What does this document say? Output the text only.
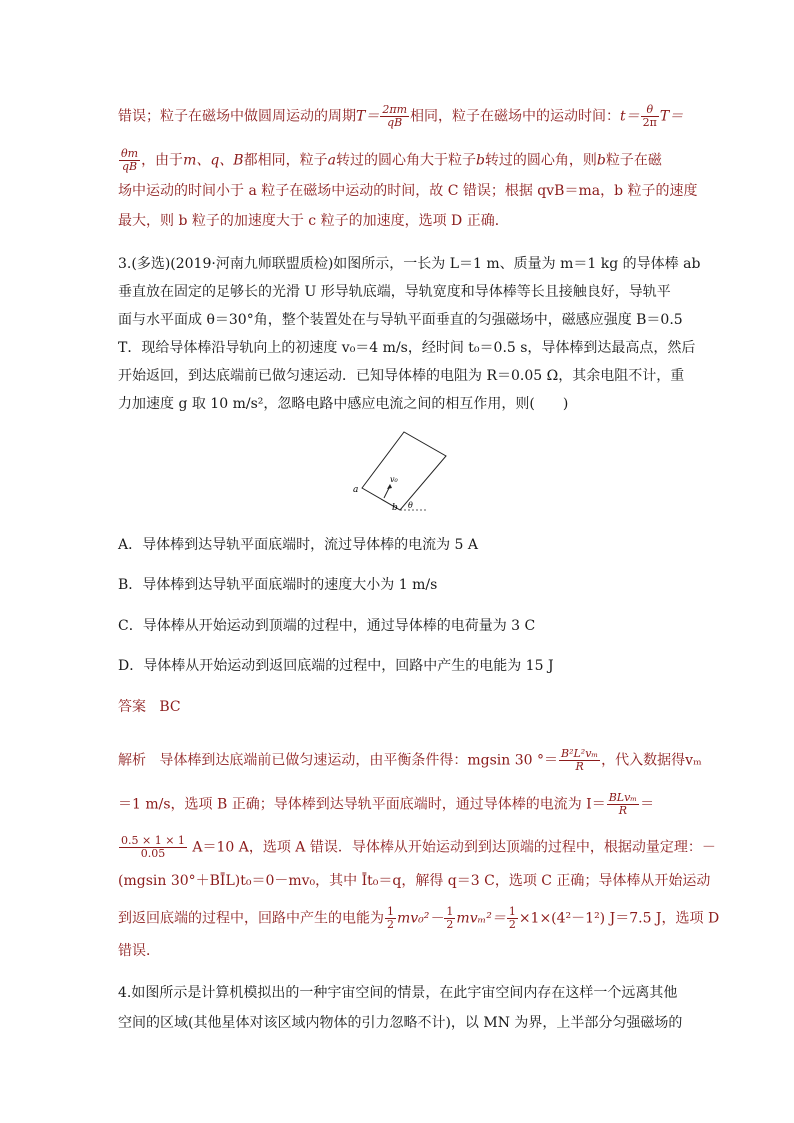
错误；粒子在磁场中做圆周运动的周期$T= \frac{2\pi m}{qB}$ 相同，粒子在磁场中的运动时间：$t= \frac{\theta}{2\pi} T=$
$\frac{\theta m}{qB}$ ，由于m、q、B都相同，粒子a转过的圆心角大于粒子b转过的圆心角，则b粒子在磁
场中运动的时间小于 a 粒子在磁场中运动的时间，故 C 错误；根据 qvB＝ma，b 粒子的速度
最大，则 b 粒子的加速度大于 c 粒子的加速度，选项 D 正确．
3.(多选)(2019·河南九师联盟质检)如图所示，一长为 L＝1 m、质量为 m＝1 kg 的导体棒 ab
垂直放在固定的足够长的光滑 U 形导轨底端，导轨宽度和导体棒等长且接触良好，导轨平
面与水平面成 θ＝30°角，整个装置处在与导轨平面垂直的匀强磁场中，磁感应强度 B＝0.5
T．现给导体棒沿导轨向上的初速度 v₀＝4 m/s，经时间 t₀＝0.5 s，导体棒到达最高点，然后
开始返回，到达底端前已做匀速运动．已知导体棒的电阻为 R＝0.05 Ω，其余电阻不计，重
力加速度 g 取 10 m/s²，忽略电路中感应电流之间的相互作用，则(　　)
a
b
v₀
θ
A．导体棒到达导轨平面底端时，流过导体棒的电流为 5 A
B．导体棒到达导轨平面底端时的速度大小为 1 m/s
C．导体棒从开始运动到顶端的过程中，通过导体棒的电荷量为 3 C
D．导体棒从开始运动到返回底端的过程中，回路中产生的电能为 15 J
答案 BC
解析 导体棒到达底端前已做匀速运动，由平衡条件得：mgsin 30 °＝ $\frac{\text{B²L²vₘ}}{R}$ ，代入数据得vₘ
＝1 m/s，选项 B 正确；导体棒到达导轨平面底端时，通过导体棒的电流为 $I= \frac{\text{BLvₘ}}{R}$ ＝
$\frac{0.5 \times 1 \times 1}{0.05} A=10$ A，选项 A 错误．导体棒从开始运动到到达顶端的过程中，根据动量定理：－
(mgsin 30°＋BĪL)t₀＝0－mv₀，其中 Īt₀＝q，解得 q＝3 C，选项 C 正确；导体棒从开始运动
到返回底端的过程中，回路中产生的电能为 $\frac{1}{2} mv_0^2- \frac{1}{2} mv_m^2= \frac{1}{2} \times 1\times(4^2-1^2)$ J＝7.5 J，选项 D
错误．
4.如图所示是计算机模拟出的一种宇宙空间的情景，在此宇宙空间内存在这样一个远离其他
空间的区域(其他星体对该区域内物体的引力忽略不计)，以 MN 为界，上半部分匀强磁场的
